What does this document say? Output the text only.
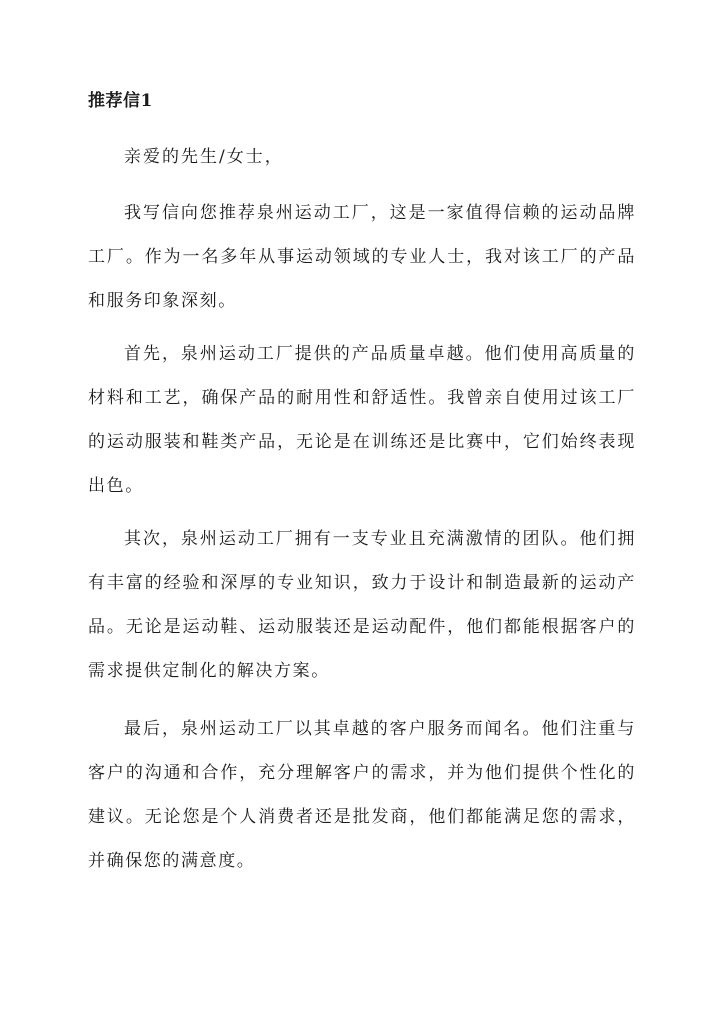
推荐信1

亲爱的先生/女士，

我写信向您推荐泉州运动工厂，这是一家值得信赖的运动品牌工厂。作为一名多年从事运动领域的专业人士，我对该工厂的产品和服务印象深刻。

首先，泉州运动工厂提供的产品质量卓越。他们使用高质量的材料和工艺，确保产品的耐用性和舒适性。我曾亲自使用过该工厂的运动服装和鞋类产品，无论是在训练还是比赛中，它们始终表现出色。

其次，泉州运动工厂拥有一支专业且充满激情的团队。他们拥有丰富的经验和深厚的专业知识，致力于设计和制造最新的运动产品。无论是运动鞋、运动服装还是运动配件，他们都能根据客户的需求提供定制化的解决方案。

最后，泉州运动工厂以其卓越的客户服务而闻名。他们注重与客户的沟通和合作，充分理解客户的需求，并为他们提供个性化的建议。无论您是个人消费者还是批发商，他们都能满足您的需求，并确保您的满意度。
